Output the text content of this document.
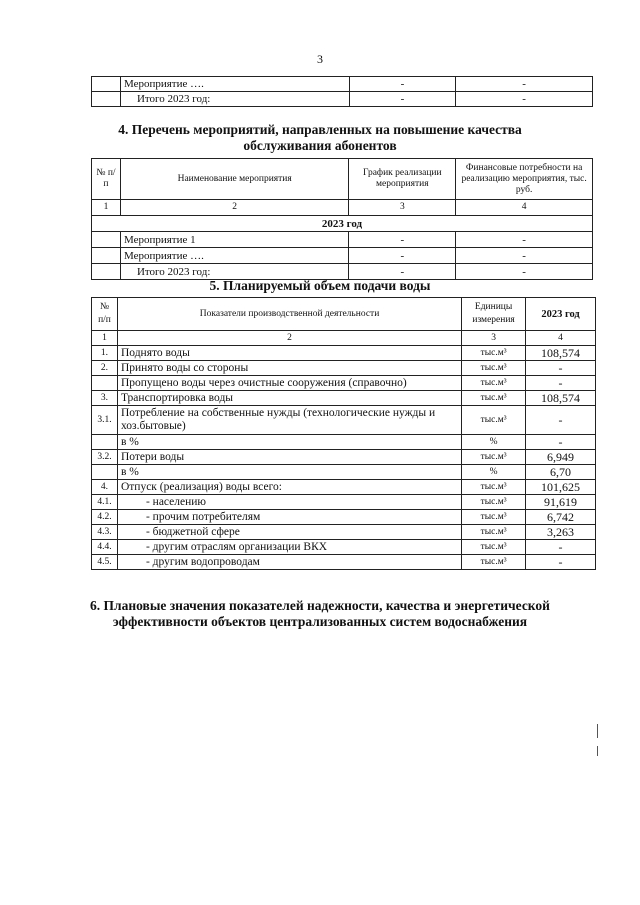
3
	Мероприятие ….	-	-
	Итого 2023 год:	-	-
4. Перечень мероприятий, направленных на повышение качества
обслуживания абонентов
№ п/п	Наименование мероприятия	График реализации мероприятия	Финансовые потребности на реализацию мероприятия, тыс. руб.
1	2	3	4
2023 год			
	Мероприятие 1	-	-
	Мероприятие ….	-	-
	Итого 2023 год:	-	-
5. Планируемый объем подачи воды
№ п/п	Показатели производственной деятельности	Единицы измерения	2023 год
1	2	3	4
1.	Поднято воды	тыс.м³	108,574
2.	Принято воды со стороны	тыс.м³	-
	Пропущено воды через очистные сооружения (справочно)	тыс.м³	-
3.	Транспортировка воды	тыс.м³	108,574
3.1.	Потребление на собственные нужды (технологические нужды и хоз.бытовые)	тыс.м³	-
	в %	%	-
3.2.	Потери воды	тыс.м³	6,949
	в %	%	6,70
4.	Отпуск (реализация) воды всего:	тыс.м³	101,625
4.1.	- населению	тыс.м³	91,619
4.2.	- прочим потребителям	тыс.м³	6,742
4.3.	- бюджетной сфере	тыс.м³	3,263
4.4.	- другим отраслям организации ВКХ	тыс.м³	-
4.5.	- другим водопроводам	тыс.м³	-
6. Плановые значения показателей надежности, качества и энергетической
эффективности объектов централизованных систем водоснабжения
